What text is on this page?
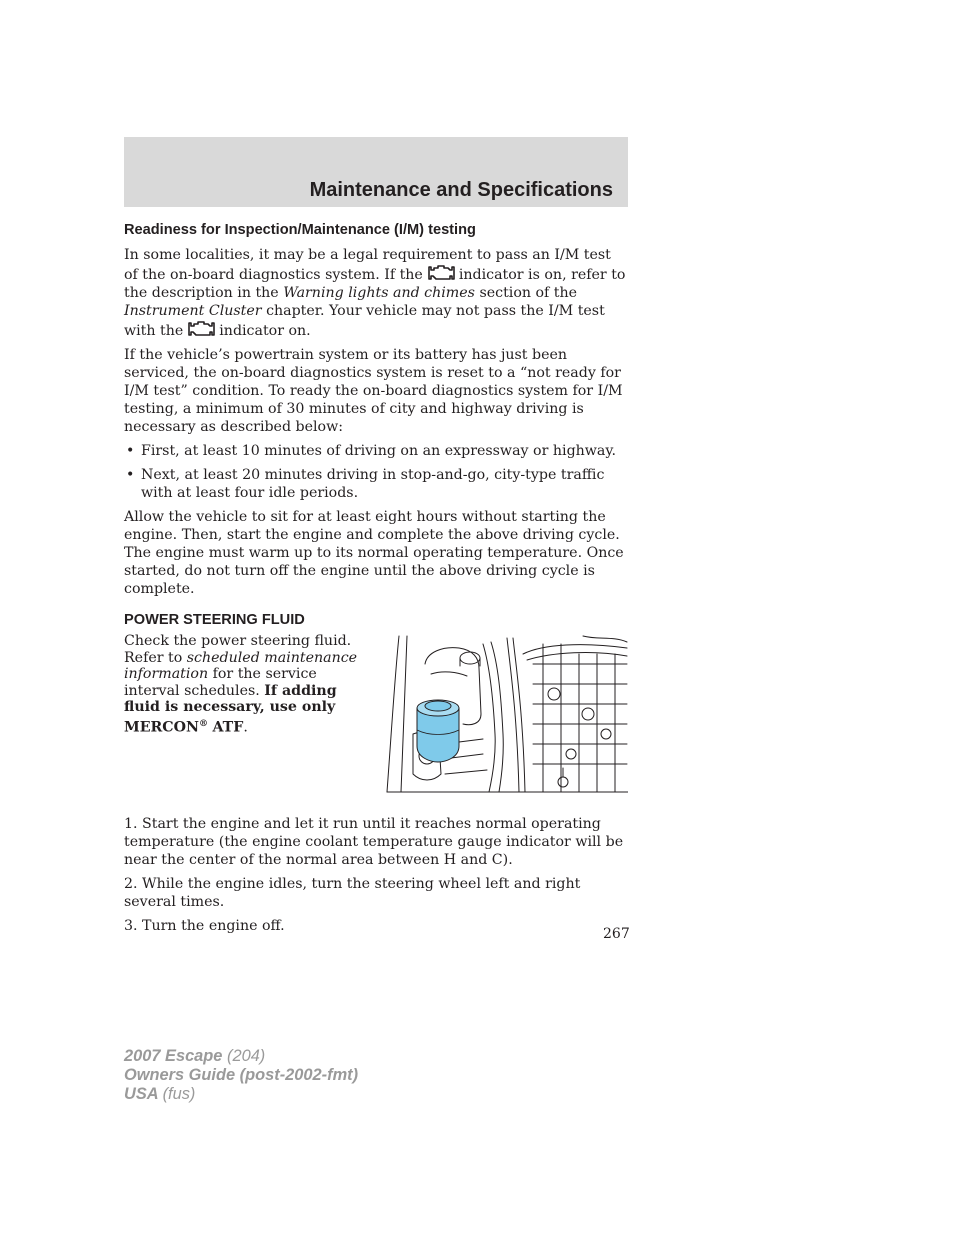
Maintenance and Specifications
Readiness for Inspection/Maintenance (I/M) testing

In some localities, it may be a legal requirement to pass an I/M test of the on-board diagnostics system. If the	indicator is on, refer to the description in the Warning lights and chimes section of the Instrument Cluster chapter. Your vehicle may not pass the I/M test with the	indicator on.

If the vehicle’s powertrain system or its battery has just been serviced, the on-board diagnostics system is reset to a “not ready for I/M test” condition. To ready the on-board diagnostics system for I/M testing, a minimum of 30 minutes of city and highway driving is necessary as described below:

• First, at least 10 minutes of driving on an expressway or highway.
• Next, at least 20 minutes driving in stop-and-go, city-type traffic with at least four idle periods.

Allow the vehicle to sit for at least eight hours without starting the engine. Then, start the engine and complete the above driving cycle. The engine must warm up to its normal operating temperature. Once started, do not turn off the engine until the above driving cycle is complete.

POWER STEERING FLUID
Check the power steering fluid. Refer to scheduled maintenance information for the service interval schedules. If adding fluid is necessary, use only MERCON® ATF.

1. Start the engine and let it run until it reaches normal operating temperature (the engine coolant temperature gauge indicator will be near the center of the normal area between H and C).

2. While the engine idles, turn the steering wheel left and right several times.

3. Turn the engine off.	267
2007 Escape (204)
Owners Guide (post-2002-fmt)
USA (fus)
